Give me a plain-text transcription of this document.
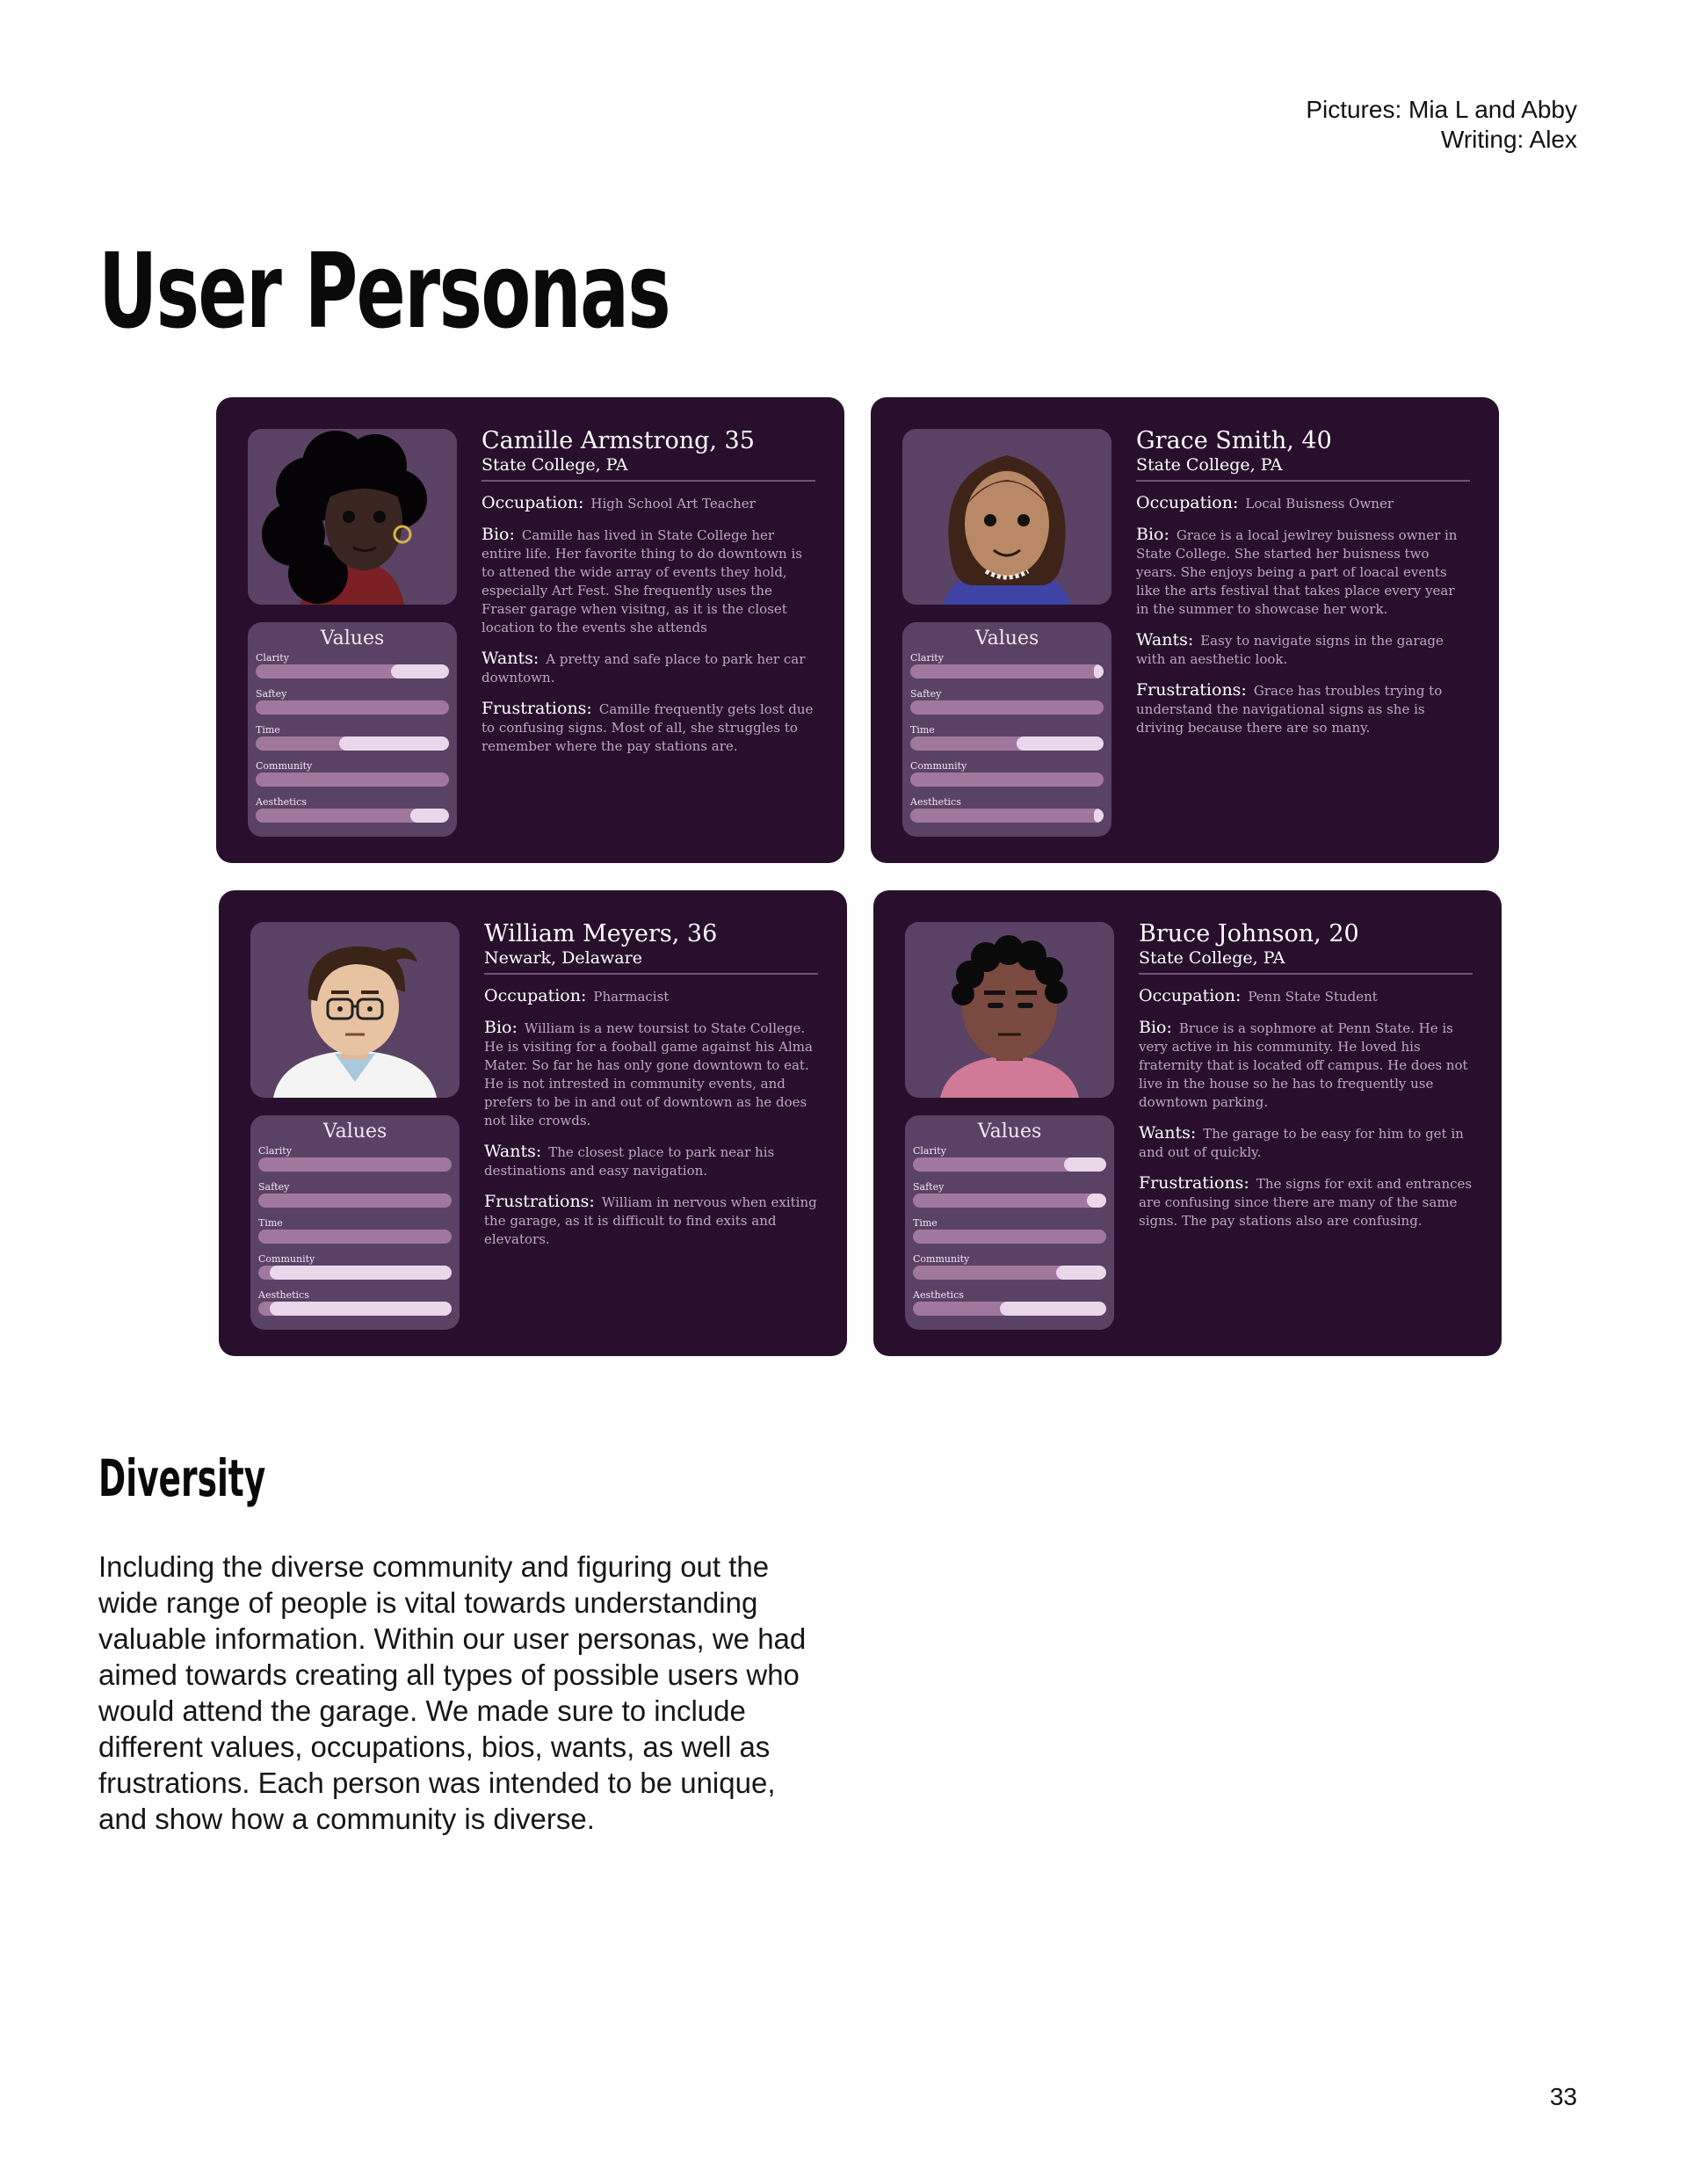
Pictures: Mia L and Abby
Writing: Alex
User Personas
Values
Clarity
Saftey
Time
Community
Aesthetics
Camille Armstrong, 35
State College, PA
Occupation: High School Art Teacher
Bio: Camille has lived in State College her entire life. Her favorite thing to do downtown is to attened the wide array of events they hold, especially Art Fest. She frequently uses the Fraser garage when visitng, as it is the closet location to the events she attends
Wants: A pretty and safe place to park her car downtown.
Frustrations: Camille frequently gets lost due to confusing signs. Most of all, she struggles to remember where the pay stations are.
Values
Clarity
Saftey
Time
Community
Aesthetics
Grace Smith, 40
State College, PA
Occupation: Local Buisness Owner
Bio: Grace is a local jewlrey buisness owner in State College. She started her buisness two years. She enjoys being a part of loacal events like the arts festival that takes place every year in the summer to showcase her work.
Wants: Easy to navigate signs in the garage with an aesthetic look.
Frustrations: Grace has troubles trying to understand the navigational signs as she is driving because there are so many.
Values
Clarity
Saftey
Time
Community
Aesthetics
William Meyers, 36
Newark, Delaware
Occupation: Pharmacist
Bio: William is a new toursist to State College. He is visiting for a fooball game against his Alma Mater. So far he has only gone downtown to eat. He is not intrested in community events, and prefers to be in and out of downtown as he does not like crowds.
Wants: The closest place to park near his destinations and easy navigation.
Frustrations: William in nervous when exiting the garage, as it is difficult to find exits and elevators.
Values
Clarity
Saftey
Time
Community
Aesthetics
Bruce Johnson, 20
State College, PA
Occupation: Penn State Student
Bio: Bruce is a sophmore at Penn State. He is very active in his community. He loved his fraternity that is located off campus. He does not live in the house so he has to frequently use downtown parking.
Wants: The garage to be easy for him to get in and out of quickly.
Frustrations: The signs for exit and entrances are confusing since there are many of the same signs. The pay stations also are confusing.
Diversity

Including the diverse community and figuring out the wide range of people is vital towards understanding valuable information. Within our user personas, we had aimed towards creating all types of possible users who would attend the garage. We made sure to include different values, occupations, bios, wants, as well as frustrations. Each person was intended to be unique, and show how a community is diverse.

33
